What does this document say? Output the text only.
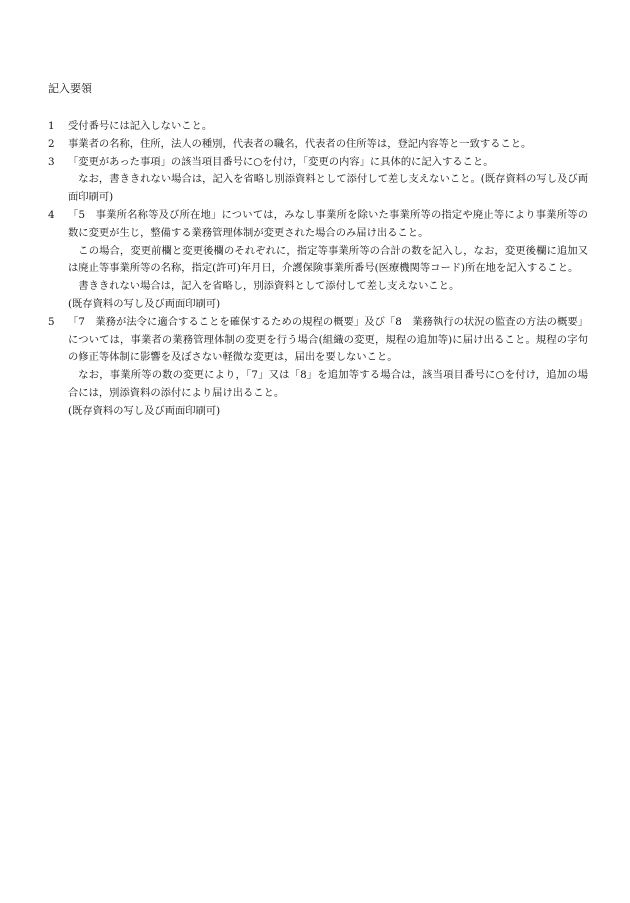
記入要領
1	受付番号には記入しないこと。

2	事業者の名称，住所，法人の種別，代表者の職名，代表者の住所等は，登記内容等と一致すること。

3	「変更があった事項」の該当項目番号に○を付け，「変更の内容」に具体的に記入すること。

なお，書ききれない場合は，記入を省略し別添資料として添付して差し支えないこと。(既存資料の写し及び両面印刷可)

4	「5　事業所名称等及び所在地」については，みなし事業所を除いた事業所等の指定や廃止等により事業所等の数に変更が生じ，整備する業務管理体制が変更された場合のみ届け出ること。

この場合，変更前欄と変更後欄のそれぞれに，指定等事業所等の合計の数を記入し，なお，変更後欄に追加又は廃止等事業所等の名称，指定(許可)年月日，介護保険事業所番号(医療機関等コード)所在地を記入すること。

書ききれない場合は，記入を省略し，別添資料として添付して差し支えないこと。

(既存資料の写し及び両面印刷可)

5	「7　業務が法令に適合することを確保するための規程の概要」及び「8　業務執行の状況の監査の方法の概要」については，事業者の業務管理体制の変更を行う場合(組織の変更，規程の追加等)に届け出ること。規程の字句の修正等体制に影響を及ぼさない軽微な変更は，届出を要しないこと。

なお，事業所等の数の変更により，「7」又は「8」を追加等する場合は，該当項目番号に○を付け，追加の場合には，別添資料の添付により届け出ること。

(既存資料の写し及び両面印刷可)
